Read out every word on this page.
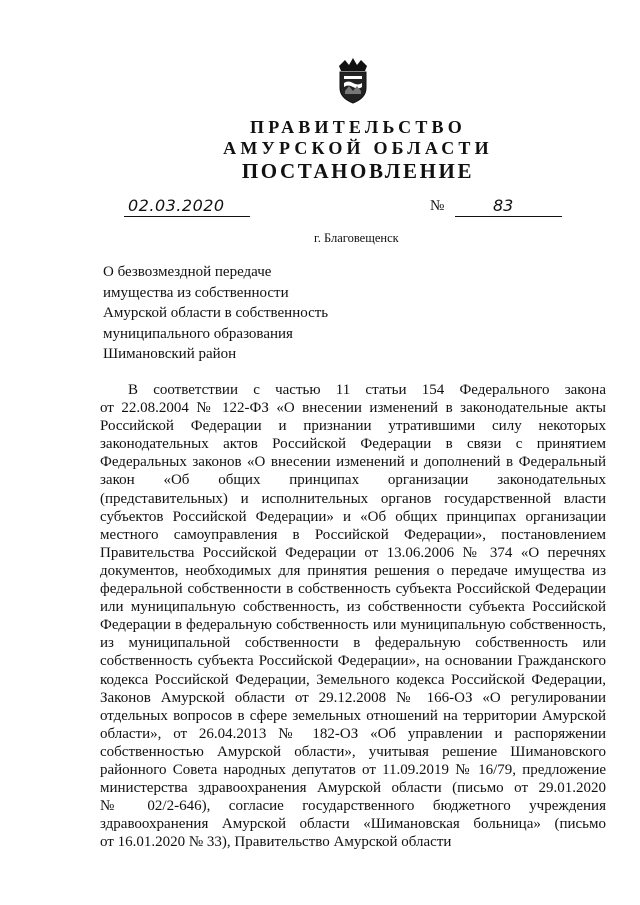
ПРАВИТЕЛЬСТВО
АМУРСКОЙ ОБЛАСТИ
ПОСТАНОВЛЕНИЕ
02.03.2020	№	83
г. Благовещенск
О безвозмездной передаче
имущества из собственности
Амурской области в собственность
муниципального образования
Шимановский район
В соответствии с частью 11 статьи 154 Федерального закона
от 22.08.2004 № 122-ФЗ «О внесении изменений в законодательные акты
Российской Федерации и признании утратившими силу некоторых
законодательных актов Российской Федерации в связи с принятием
Федеральных законов «О внесении изменений и дополнений в Федеральный
закон «Об общих принципах организации законодательных
(представительных) и исполнительных органов государственной власти
субъектов Российской Федерации» и «Об общих принципах организации
местного самоуправления в Российской Федерации», постановлением
Правительства Российской Федерации от 13.06.2006 № 374 «О перечнях
документов, необходимых для принятия решения о передаче имущества из
федеральной собственности в собственность субъекта Российской Федерации
или муниципальную собственность, из собственности субъекта Российской
Федерации в федеральную собственность или муниципальную собственность,
из муниципальной собственности в федеральную собственность или
собственность субъекта Российской Федерации», на основании Гражданского
кодекса Российской Федерации, Земельного кодекса Российской Федерации,
Законов Амурской области от 29.12.2008 № 166-ОЗ «О регулировании
отдельных вопросов в сфере земельных отношений на территории Амурской
области», от 26.04.2013 № 182-ОЗ «Об управлении и распоряжении
собственностью Амурской области», учитывая решение Шимановского
районного Совета народных депутатов от 11.09.2019 № 16/79, предложение
министерства здравоохранения Амурской области (письмо от 29.01.2020
№ 02/2-646), согласие государственного бюджетного учреждения
здравоохранения Амурской области «Шимановская больница» (письмо
от 16.01.2020 № 33), Правительство Амурской области
